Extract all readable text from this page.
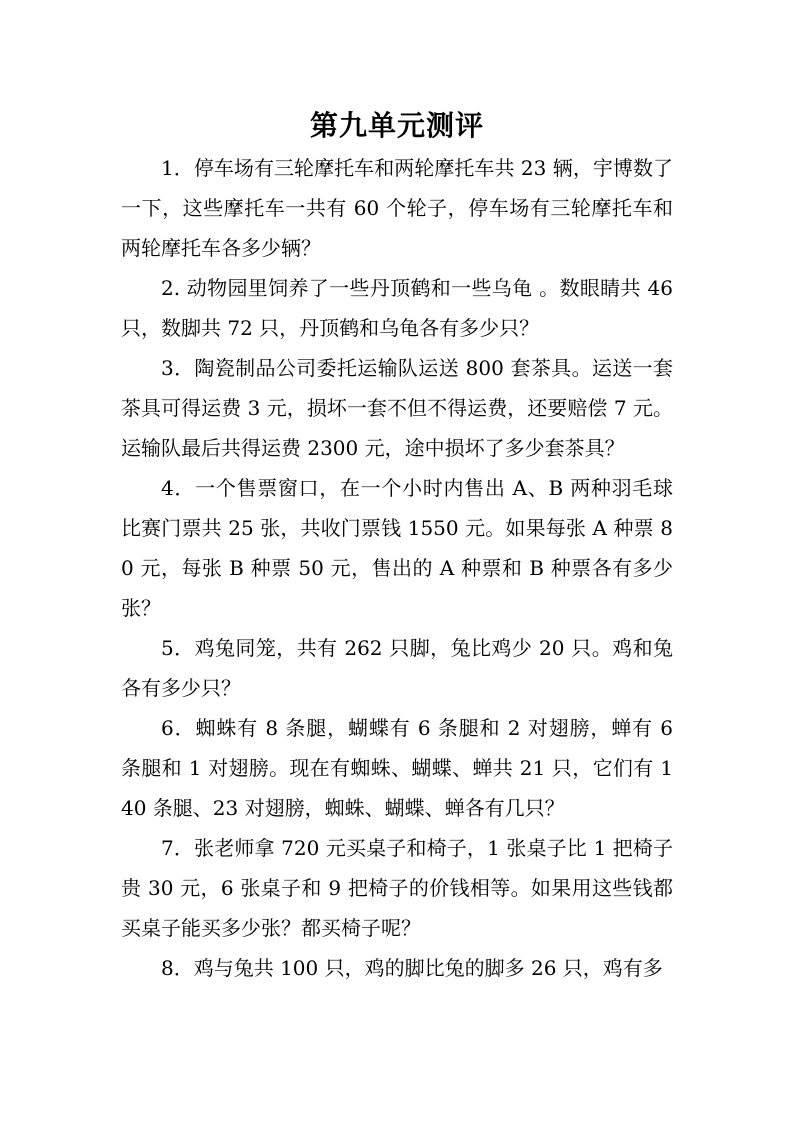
第九单元测评

1．停车场有三轮摩托车和两轮摩托车共 23 辆，宇博数了一下，这些摩托车一共有 60 个轮子，停车场有三轮摩托车和两轮摩托车各多少辆？

2. 动物园里饲养了一些丹顶鹤和一些乌龟 。数眼睛共 46 只，数脚共 72 只，丹顶鹤和乌龟各有多少只？

3．陶瓷制品公司委托运输队运送 800 套茶具。运送一套茶具可得运费 3 元，损坏一套不但不得运费，还要赔偿 7 元。运输队最后共得运费 2300 元，途中损坏了多少套茶具？

4．一个售票窗口，在一个小时内售出 A、B 两种羽毛球比赛门票共 25 张，共收门票钱 1550 元。如果每张 A 种票 80 元，每张 B 种票 50 元，售出的 A 种票和 B 种票各有多少张？

5．鸡兔同笼，共有 262 只脚，兔比鸡少 20 只。鸡和兔各有多少只？

6．蜘蛛有 8 条腿，蝴蝶有 6 条腿和 2 对翅膀，蝉有 6 条腿和 1 对翅膀。现在有蜘蛛、蝴蝶、蝉共 21 只，它们有 140 条腿、23 对翅膀，蜘蛛、蝴蝶、蝉各有几只？

7．张老师拿 720 元买桌子和椅子，1 张桌子比 1 把椅子贵 30 元，6 张桌子和 9 把椅子的价钱相等。如果用这些钱都买桌子能买多少张？都买椅子呢？

8．鸡与兔共 100 只，鸡的脚比兔的脚多 26 只，鸡有多
